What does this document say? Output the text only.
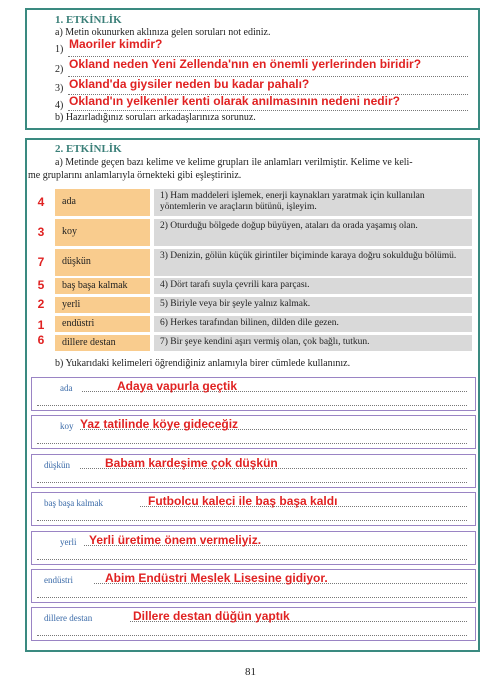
1. ETKİNLİK
a) Metin okunurken aklınıza gelen soruları not ediniz.
1) Maoriler kimdir?
2) Okland neden Yeni Zellenda'nın en önemli yerlerinden biridir?
3) Okland'da giysiler neden bu kadar pahalı?
4) Okland'ın yelkenler kenti olarak anılmasının nedeni nedir?
b) Hazırladığınız soruları arkadaşlarınıza sorunuz.
2. ETKİNLİK
a) Metinde geçen bazı kelime ve kelime grupları ile anlamları verilmiştir. Kelime ve keli-
me gruplarını anlamlarıyla örnekteki gibi eşleştiriniz.
4	ada	1) Ham maddeleri işlemek, enerji kaynakları yaratmak için kullanılan yöntemlerin ve araçların bütünü, işleyim.
3	koy	2) Oturduğu bölgede doğup büyüyen, ataları da orada yaşamış olan.
7	düşkün	3) Denizin, gölün küçük girintiler biçiminde karaya doğru sokulduğu bölümü.
5	baş başa kalmak	4) Dört tarafı suyla çevrili kara parçası.
2	yerli	5) Biriyle veya bir şeyle yalnız kalmak.
1	endüstri	6) Herkes tarafından bilinen, dilden dile gezen.
6	dillere destan	7) Bir şeye kendini aşırı vermiş olan, çok bağlı, tutkun.
b) Yukarıdaki kelimeleri öğrendiğiniz anlamıyla birer cümlede kullanınız.
ada	Adaya vapurla geçtik
koy Yaz tatilinde köye gideceğiz
düşkün	Babam kardeşime çok düşkün
baş başa kalmak	Futbolcu kaleci ile baş başa kaldı
yerli Yerli üretime önem vermeliyiz.
endüstri	Abim Endüstri Meslek Lisesine gidiyor.
dillere destan	Dillere destan düğün yaptık
81
